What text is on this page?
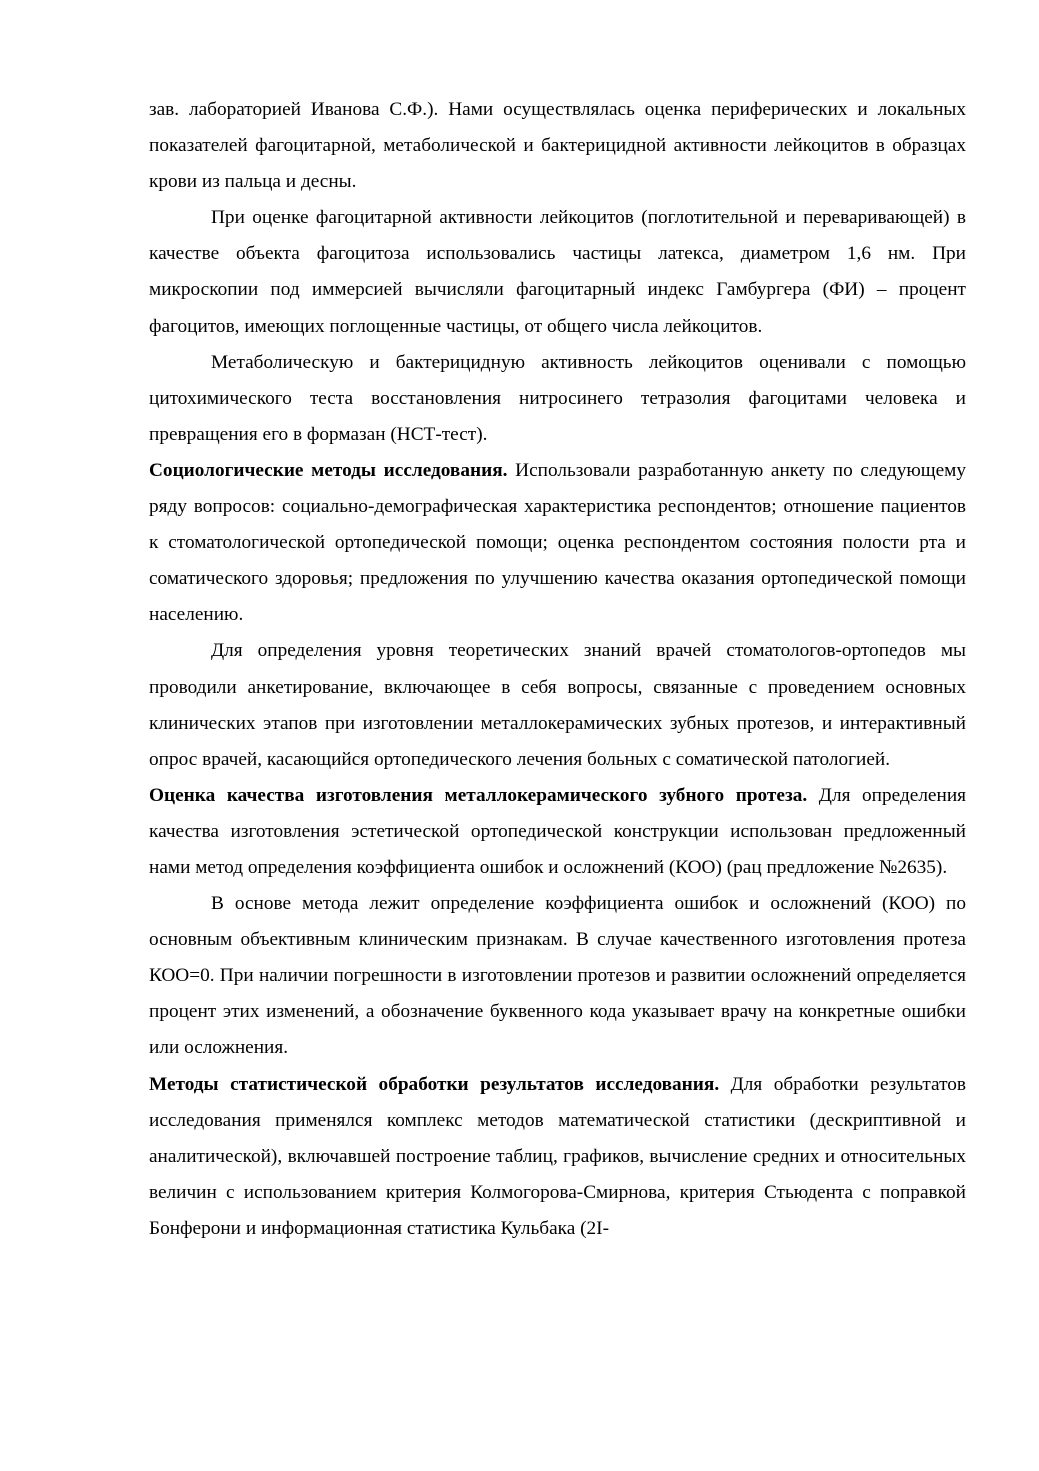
зав. лабораторией Иванова С.Ф.). Нами осуществлялась оценка периферических и локальных показателей фагоцитарной, метаболической и бактерицидной активности лейкоцитов в образцах крови из пальца и десны.

При оценке фагоцитарной активности лейкоцитов (поглотительной и переваривающей) в качестве объекта фагоцитоза использовались частицы латекса, диаметром 1,6 нм. При микроскопии под иммерсией вычисляли фагоцитарный индекс Гамбургера (ФИ) – процент фагоцитов, имеющих поглощенные частицы, от общего числа лейкоцитов.

Метаболическую и бактерицидную активность лейкоцитов оценивали с помощью цитохимического теста восстановления нитросинего тетразолия фагоцитами человека и превращения его в формазан (НСТ-тест).

Социологические методы исследования. Использовали разработанную анкету по следующему ряду вопросов: социально-демографическая характеристика респондентов; отношение пациентов к стоматологической ортопедической помощи; оценка респондентом состояния полости рта и соматического здоровья; предложения по улучшению качества оказания ортопедической помощи населению.

Для определения уровня теоретических знаний врачей стоматологов-ортопедов мы проводили анкетирование, включающее в себя вопросы, связанные с проведением основных клинических этапов при изготовлении металлокерамических зубных протезов, и интерактивный опрос врачей, касающийся ортопедического лечения больных с соматической патологией.

Оценка качества изготовления металлокерамического зубного протеза. Для определения качества изготовления эстетической ортопедической конструкции использован предложенный нами метод определения коэффициента ошибок и осложнений (КОО) (рац предложение №2635).

В основе метода лежит определение коэффициента ошибок и осложнений (КОО) по основным объективным клиническим признакам. В случае качественного изготовления протеза КОО=0. При наличии погрешности в изготовлении протезов и развитии осложнений определяется процент этих изменений, а обозначение буквенного кода указывает врачу на конкретные ошибки или осложнения.

Методы статистической обработки результатов исследования. Для обработки результатов исследования применялся комплекс методов математической статистики (дескриптивной и аналитической), включавшей построение таблиц, графиков, вычисление средних и относительных величин с использованием критерия Колмогорова-Смирнова, критерия Стьюдента с поправкой Бонферони и информационная статистика Кульбака (2I-
